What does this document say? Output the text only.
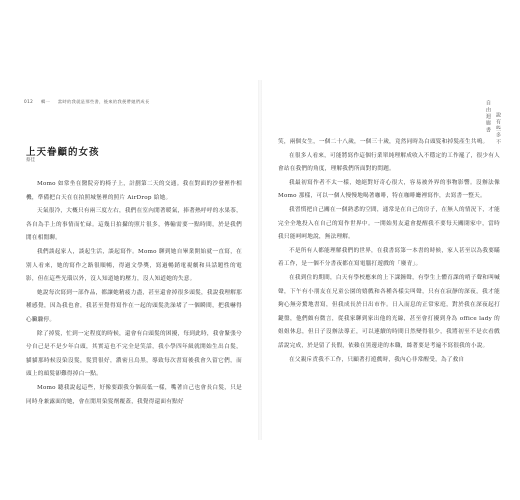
012 輯一 當時的我就是那些書，後來的我便帶她們成長
上天眷顧的女孩
蔡佳

Momo 如常坐在醫院旁的椅子上，計劃第二天的交通。我在對面的沙發裡作相機，準備把白天在在拍照城堡裡的照片 AirDrop 給她。

天氣很冷，大概只有兩三度左右，我們在室內閒著暖氣，捧著熱呼呼的水果茶，各自為手上的事情而忙碌。這幾日拍攝的照片很多，傳輸需要一點時間，於是我們閒在相閒聊。

我們談起家人，談起生活，談起寫作。Momo 聊到她自畢業開始就一直寫，在別人看來，她的寫作之路很順暢，得過文學獎，寫過暢銷電視劇和具話題性的電影，但在這些光環以外，沒人知道她的壓力，沒人知道她的失意。

她說每次寫到一部作品，都讓她精疲力盡，甚至還會掉很多頭髮，我說我理解那種感覺，因為我也會，我甚至覺得寫作在一起的頭髮洗澡堵了一個瞬間，把我嚇得心臟驟停。

除了掉髮，忙到一定程度的時候，還會有白頭髮的困擾，每到此時，我會緊張兮兮自己是不是少年白頭，其實這也不完全是笑話，我小學四年級就開始生出白髮，貓貓那時候沒染沒髮，髮質很好，濃密且烏黑，導致每次書寫後我會久留它們，而頭上的頭髮卻難得掉白一點。

Momo 聽我說起這些，好像要跟我分個高低一樣，嘴著自己也會長白髮，只是同時身兼露面的她，會在閒用染髮劑覆蓋，我覺得還面有點好

自由迴廊書 說有些多不

笑，兩個女生，一個二十八歲，一個三十歲，竟然同時為白頭髮和掉髮產生共鳴。

在很多人看來，可能將寫作這個行業單純理解成收入不穩定的工作罷了，很少有人會站在我們的角度，理解我們所面對的問題。

我最初寫作者不太一樣，她絕對好奇心很大，容易被外界的事物影響。沒辦法像 Momo 那樣，可以一個人慢慢地喝著咖啡，特在咖啡廳裡寫作，去寫書一整天。

我習慣把自己關在一個熟悉的空間，通常是在自己的房子，在無人的情況下，才能完全全地投入在自己的寫作世界中。一開始男友還會提醒我不要每天關閉家中，當時我只能呵呵地說，無法理解。

不是所有人都能理解我們的世界，在我書寫第一本書的時候，家人甚至以為我要瞞着工作，是一個不分書夜都在寫電腦打遊戲的「廢青」。

在我到住的期間，白天有學校應來的上下課鐘聲，有學生上體育課的哨子聲和叫喊聲，下午有小朋友在兄童公園的嬉戲和各種各樣尖叫聲，只有在寂靜的深夜，我才能夠心無旁騖地書寫，但我成長於日出市作。日入而息的正常家庭，對於我在深夜起打鍵盤，他們頗有微言，從我家聊到家出他的光線，甚至會打擾到身為 office lady 的姐姐休息，但日子沒辦法導正，可以連續的時間日然變得很少，我將初至不是衣看戲話說完成，於是留了長假，依賴在黑邊達的本職，絲著要是考遍不寫很我的小說。

在父親斥責我不工作，只顧著打遊戲時，我內心非常醒受，為了救自
